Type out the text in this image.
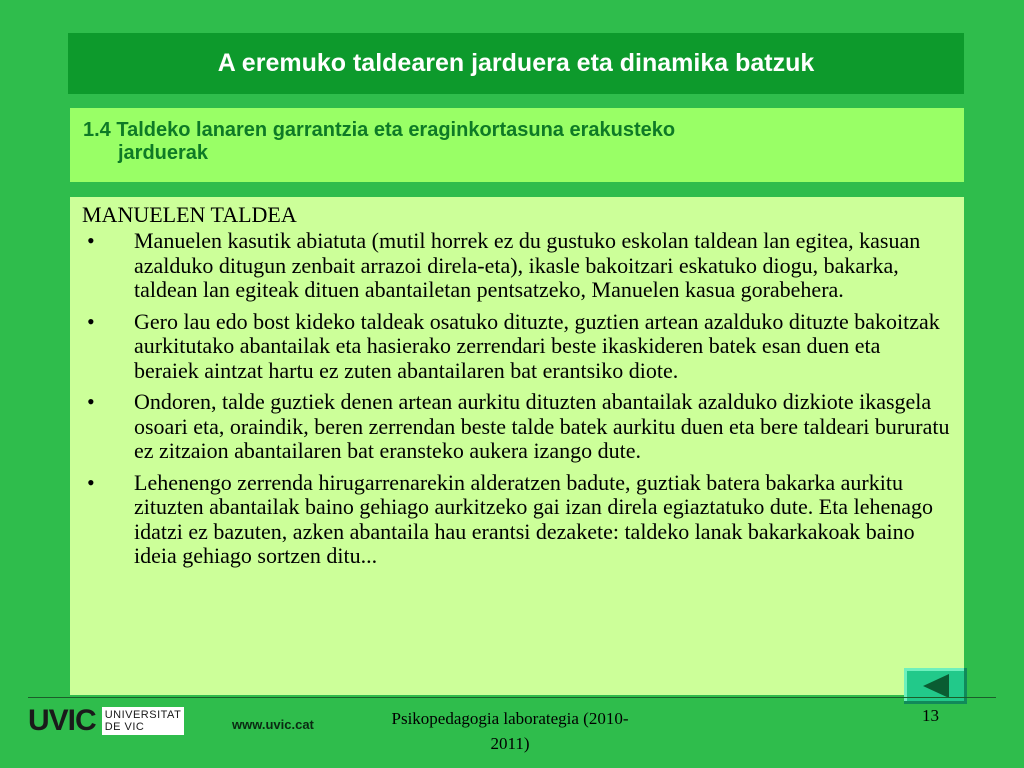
A eremuko taldearen jarduera eta dinamika batzuk
1.4 Taldeko lanaren garrantzia eta eraginkortasuna erakusteko
jarduerak
MANUELEN TALDEA
• Manuelen kasutik abiatuta (mutil horrek ez du gustuko eskolan taldean lan egitea, kasuan azalduko ditugun zenbait arrazoi direla-eta), ikasle bakoitzari eskatuko diogu, bakarka, taldean lan egiteak dituen abantailetan pentsatzeko, Manuelen kasua gorabehera.
• Gero lau edo bost kideko taldeak osatuko dituzte, guztien artean azalduko dituzte bakoitzak aurkitutako abantailak eta hasierako zerrendari beste ikaskideren batek esan duen eta beraiek aintzat hartu ez zuten abantailaren bat erantsiko diote.
• Ondoren, talde guztiek denen artean aurkitu dituzten abantailak azalduko dizkiote ikasgela osoari eta, oraindik, beren zerrendan beste talde batek aurkitu duen eta bere taldeari bururatu ez zitzaion abantailaren bat eransteko aukera izango dute.
• Lehenengo zerrenda hirugarrenarekin alderatzen badute, guztiak batera bakarka aurkitu zituzten abantailak baino gehiago aurkitzeko gai izan direla egiaztatuko dute. Eta lehenago idatzi ez bazuten, azken abantaila hau erantsi dezakete: taldeko lanak bakarkakoak baino ideia gehiago sortzen ditu...
UVIC UNIVERSITAT
DE VIC	www.uvic.cat	Psikopedagogia laborategia (2010-
2011)
13
